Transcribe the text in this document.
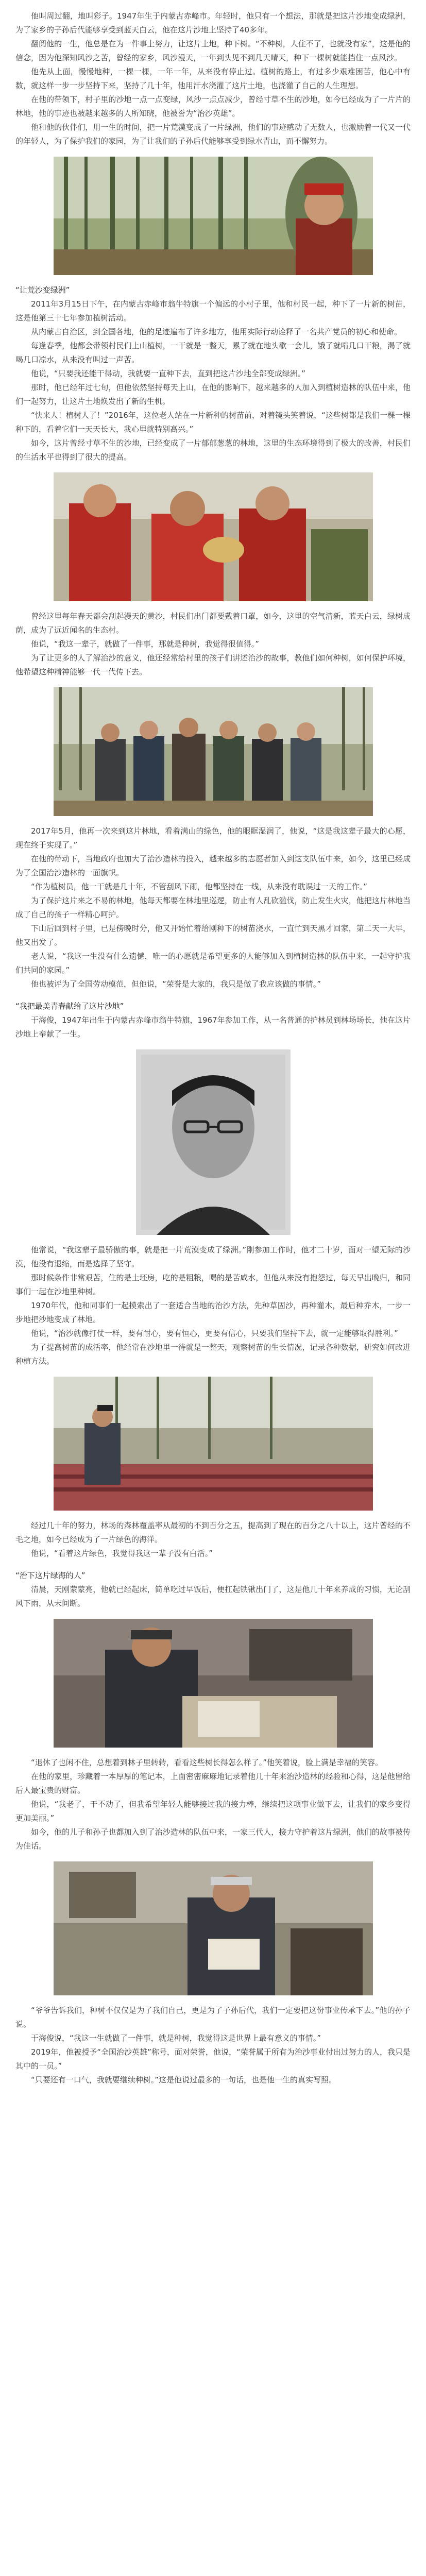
他叫周过翻，地叫彩子。1947年生于内蒙古赤峰市。年轻时，他只有一个想法，那就是把这片沙地变成绿洲，为了家乡的子孙后代能够享受到蓝天白云，他在这片沙地上坚持了40多年。

翻阅他的一生，他总是在为一件事上努力，让这片土地，种下树。“不种树，人住不了，也就没有家”，这是他的信念，因为他深知风沙之苦，曾经的家乡，风沙漫天，一年到头见不到几天晴天，种下一棵树就能挡住一点风沙。

他先从上面，慢慢地种，一棵一棵，一年一年，从来没有停止过。植树的路上，有过多少艰难困苦，他心中有数，就这样一步一步坚持下来，坚持了几十年，他用汗水浇灌了这片土地，也浇灌了自己的人生理想。

在他的带领下，村子里的沙地一点一点变绿，风沙一点点减少，曾经寸草不生的沙地，如今已经成为了一片片的林地，他的事迹也被越来越多的人所知晓，他被誉为“治沙英雄”。

他和他的伙伴们，用一生的时间，把一片荒漠变成了一片绿洲，他们的事迹感动了无数人，也激励着一代又一代的年轻人，为了保护我们的家园，为了让我们的子孙后代能够享受到绿水青山，而不懈努力。

“让荒沙变绿洲”

2011年3月15日下午，在内蒙古赤峰市翁牛特旗一个偏远的小村子里，他和村民一起，种下了一片新的树苗，这是他第三十七年参加植树活动。

从内蒙古自治区，到全国各地，他的足迹遍布了许多地方，他用实际行动诠释了一名共产党员的初心和使命。

每逢春季，他都会带领村民们上山植树，一干就是一整天，累了就在地头歇一会儿，饿了就啃几口干粮，渴了就喝几口凉水，从来没有叫过一声苦。

他说，“只要我还能干得动，我就要一直种下去，直到把这片沙地全部变成绿洲。”

那时，他已经年过七旬，但他依然坚持每天上山，在他的影响下，越来越多的人加入到植树造林的队伍中来，他们一起努力，让这片土地焕发出了新的生机。

“快来人！植树人了！”2016年，这位老人站在一片新种的树苗前，对着镜头笑着说，“这些树都是我们一棵一棵种下的，看着它们一天天长大，我心里就特别高兴。”

如今，这片曾经寸草不生的沙地，已经变成了一片郁郁葱葱的林地，这里的生态环境得到了极大的改善，村民们的生活水平也得到了很大的提高。

曾经这里每年春天都会刮起漫天的黄沙，村民们出门都要戴着口罩，如今，这里的空气清新，蓝天白云，绿树成荫，成为了远近闻名的生态村。

他说，“我这一辈子，就做了一件事，那就是种树，我觉得很值得。”

为了让更多的人了解治沙的意义，他还经常给村里的孩子们讲述治沙的故事，教他们如何种树，如何保护环境，他希望这种精神能够一代一代传下去。

2017年5月，他再一次来到这片林地，看着满山的绿色，他的眼眶湿润了，他说，“这是我这辈子最大的心愿，现在终于实现了。”

在他的带动下，当地政府也加大了治沙造林的投入，越来越多的志愿者加入到这支队伍中来，如今，这里已经成为了全国治沙造林的一面旗帜。

“作为植树员，他一干就是几十年，不管刮风下雨，他都坚持在一线，从来没有耽误过一天的工作。”

为了保护这片来之不易的林地，他每天都要在林地里巡逻，防止有人乱砍滥伐，防止发生火灾，他把这片林地当成了自己的孩子一样精心呵护。

下山后回到村子里，已是傍晚时分，他又开始忙着给刚种下的树苗浇水，一直忙到天黑才回家，第二天一大早，他又出发了。

老人说，“我这一生没有什么遗憾，唯一的心愿就是希望更多的人能够加入到植树造林的队伍中来，一起守护我们共同的家园。”

他也被评为了全国劳动模范，但他说，“荣誉是大家的，我只是做了我应该做的事情。”

“我把最美青春献给了这片沙地”

于海俊，1947年出生于内蒙古赤峰市翁牛特旗，1967年参加工作，从一名普通的护林员到林场场长，他在这片沙地上奉献了一生。

他常说，“我这辈子最骄傲的事，就是把一片荒漠变成了绿洲。”刚参加工作时，他才二十岁，面对一望无际的沙漠，他没有退缩，而是选择了坚守。

那时候条件非常艰苦，住的是土坯房，吃的是粗粮，喝的是苦咸水，但他从来没有抱怨过，每天早出晚归，和同事们一起在沙地里种树。

1970年代，他和同事们一起摸索出了一套适合当地的治沙方法，先种草固沙，再种灌木，最后种乔木，一步一步地把沙地变成了林地。

他说，“治沙就像打仗一样，要有耐心，要有恒心，更要有信心，只要我们坚持下去，就一定能够取得胜利。”

为了提高树苗的成活率，他经常在沙地里一待就是一整天，观察树苗的生长情况，记录各种数据，研究如何改进种植方法。

经过几十年的努力，林场的森林覆盖率从最初的不到百分之五，提高到了现在的百分之八十以上，这片曾经的不毛之地，如今已经成为了一片绿色的海洋。

他说，“看着这片绿色，我觉得我这一辈子没有白活。”

“治下这片绿海的人”

清晨，天刚蒙蒙亮，他就已经起床，简单吃过早饭后，便扛起铁锹出门了，这是他几十年来养成的习惯，无论刮风下雨，从未间断。

“退休了也闲不住，总想着到林子里转转，看看这些树长得怎么样了。”他笑着说，脸上满是幸福的笑容。

在他的家里，珍藏着一本厚厚的笔记本，上面密密麻麻地记录着他几十年来治沙造林的经验和心得，这是他留给后人最宝贵的财富。

他说，“我老了，干不动了，但我希望年轻人能够接过我的接力棒，继续把这项事业做下去，让我们的家乡变得更加美丽。”

如今，他的儿子和孙子也都加入到了治沙造林的队伍中来，一家三代人，接力守护着这片绿洲，他们的故事被传为佳话。

“爷爷告诉我们，种树不仅仅是为了我们自己，更是为了子孙后代，我们一定要把这份事业传承下去。”他的孙子说。

于海俊说，“我这一生就做了一件事，就是种树，我觉得这是世界上最有意义的事情。”

2019年，他被授予“全国治沙英雄”称号，面对荣誉，他说，“荣誉属于所有为治沙事业付出过努力的人，我只是其中的一员。”

“只要还有一口气，我就要继续种树。”这是他说过最多的一句话，也是他一生的真实写照。
